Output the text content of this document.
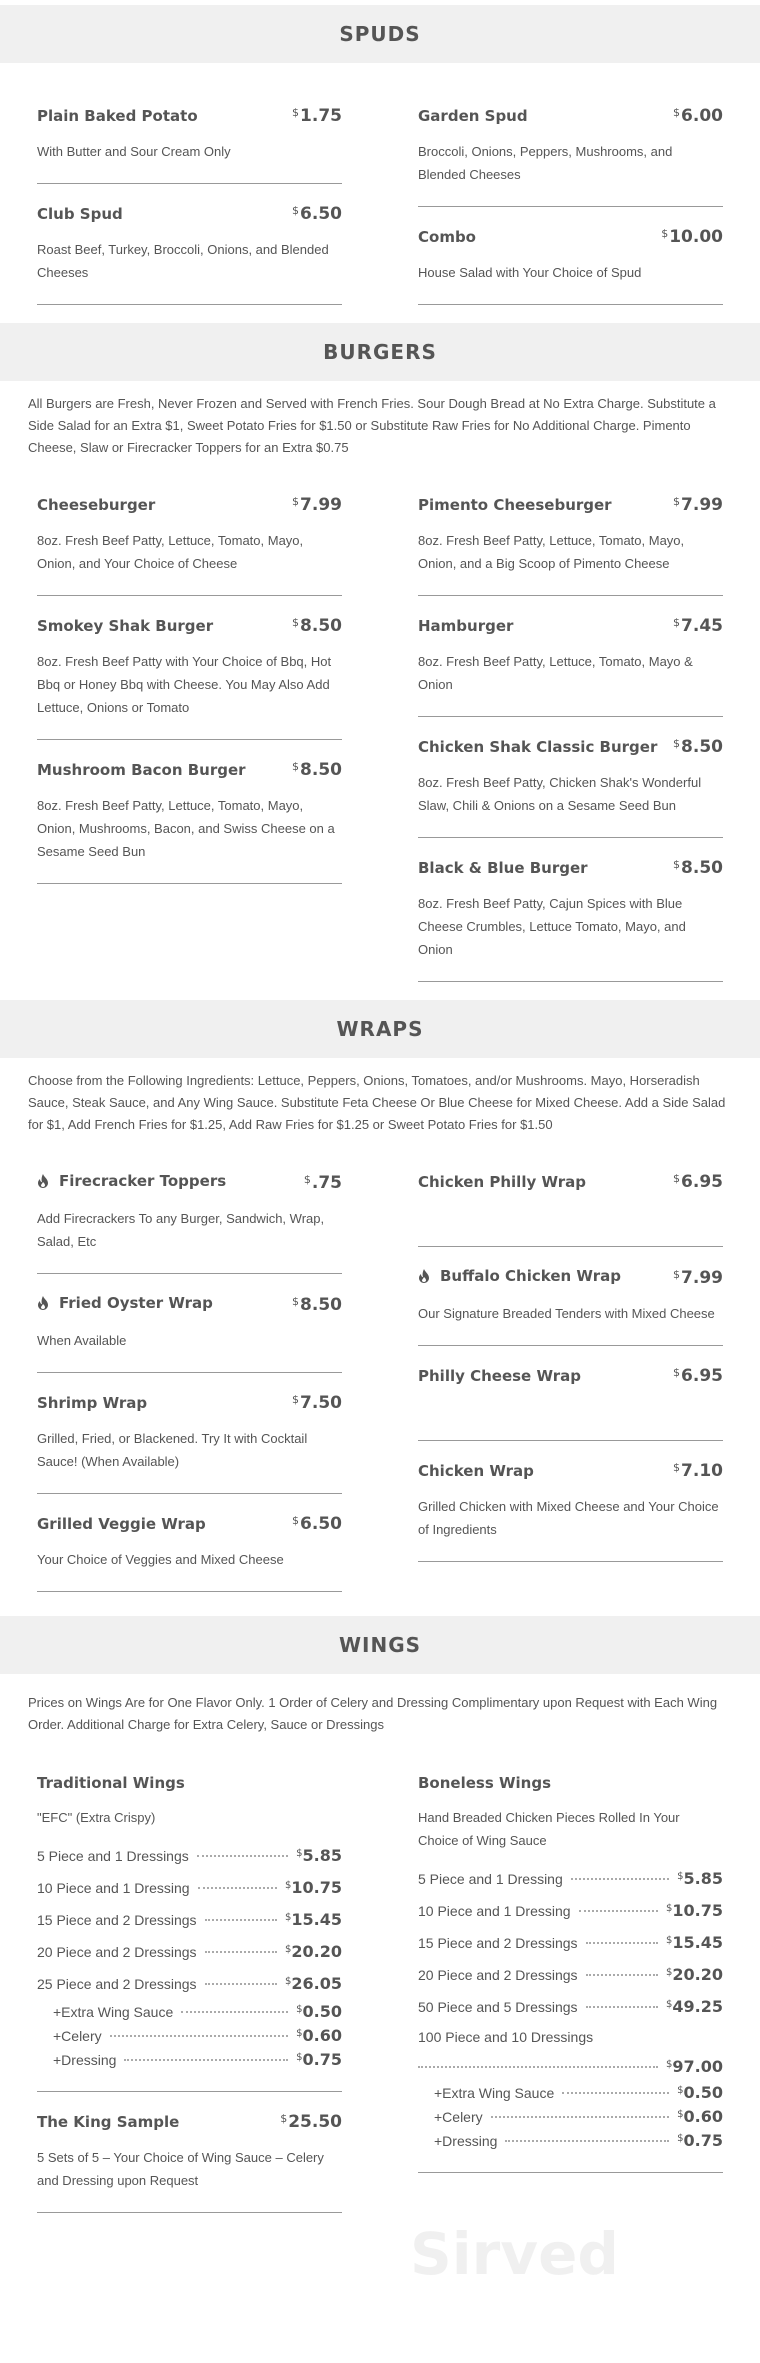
SPUDS
Plain Baked Potato	$1.75
With Butter and Sour Cream Only
Club Spud	$6.50
Roast Beef, Turkey, Broccoli, Onions, and Blended Cheeses
Garden Spud	$6.00
Broccoli, Onions, Peppers, Mushrooms, and Blended Cheeses
Combo	$10.00
House Salad with Your Choice of Spud
BURGERS

All Burgers are Fresh, Never Frozen and Served with French Fries. Sour Dough Bread at No Extra Charge. Substitute a Side Salad for an Extra $1, Sweet Potato Fries for $1.50 or Substitute Raw Fries for No Additional Charge. Pimento Cheese, Slaw or Firecracker Toppers for an Extra $0.75

Cheeseburger	$7.99
8oz. Fresh Beef Patty, Lettuce, Tomato, Mayo, Onion, and Your Choice of Cheese
Smokey Shak Burger	$8.50
8oz. Fresh Beef Patty with Your Choice of Bbq, Hot Bbq or Honey Bbq with Cheese. You May Also Add Lettuce, Onions or Tomato
Mushroom Bacon Burger	$8.50
8oz. Fresh Beef Patty, Lettuce, Tomato, Mayo, Onion, Mushrooms, Bacon, and Swiss Cheese on a Sesame Seed Bun
Pimento Cheeseburger	$7.99
8oz. Fresh Beef Patty, Lettuce, Tomato, Mayo, Onion, and a Big Scoop of Pimento Cheese
Hamburger	$7.45
8oz. Fresh Beef Patty, Lettuce, Tomato, Mayo & Onion
Chicken Shak Classic Burger $8.50
8oz. Fresh Beef Patty, Chicken Shak's Wonderful Slaw, Chili & Onions on a Sesame Seed Bun
Black & Blue Burger	$8.50
8oz. Fresh Beef Patty, Cajun Spices with Blue Cheese Crumbles, Lettuce Tomato, Mayo, and Onion
WRAPS

Choose from the Following Ingredients: Lettuce, Peppers, Onions, Tomatoes, and/or Mushrooms. Mayo, Horseradish Sauce, Steak Sauce, and Any Wing Sauce. Substitute Feta Cheese Or Blue Cheese for Mixed Cheese. Add a Side Salad for $1, Add French Fries for $1.25, Add Raw Fries for $1.25 or Sweet Potato Fries for $1.50

Firecracker Toppers	$.75
Add Firecrackers To any Burger, Sandwich, Wrap, Salad, Etc
Fried Oyster Wrap	$8.50
When Available
Shrimp Wrap	$7.50
Grilled, Fried, or Blackened. Try It with Cocktail Sauce! (When Available)
Grilled Veggie Wrap	$6.50
Your Choice of Veggies and Mixed Cheese
Chicken Philly Wrap	$6.95
Buffalo Chicken Wrap	$7.99
Our Signature Breaded Tenders with Mixed Cheese
Philly Cheese Wrap	$6.95
Chicken Wrap	$7.10
Grilled Chicken with Mixed Cheese and Your Choice of Ingredients
WINGS

Prices on Wings Are for One Flavor Only. 1 Order of Celery and Dressing Complimentary upon Request with Each Wing Order. Additional Charge for Extra Celery, Sauce or Dressings

Traditional Wings
"EFC" (Extra Crispy)
5 Piece and 1 Dressings	$5.85
10 Piece and 1 Dressing	$10.75
15 Piece and 2 Dressings	$15.45
20 Piece and 2 Dressings	$20.20
25 Piece and 2 Dressings	$26.05
+Extra Wing Sauce	$0.50
+Celery	$0.60
+Dressing	$0.75
The King Sample	$25.50
5 Sets of 5 – Your Choice of Wing Sauce – Celery and Dressing upon Request
Boneless Wings
Hand Breaded Chicken Pieces Rolled In Your Choice of Wing Sauce
5 Piece and 1 Dressing	$5.85
10 Piece and 1 Dressing	$10.75
15 Piece and 2 Dressings	$15.45
20 Piece and 2 Dressings	$20.20
50 Piece and 5 Dressings	$49.25
100 Piece and 10 Dressings
$97.00
+Extra Wing Sauce	$0.50
+Celery	$0.60
+Dressing	$0.75
Sirved
